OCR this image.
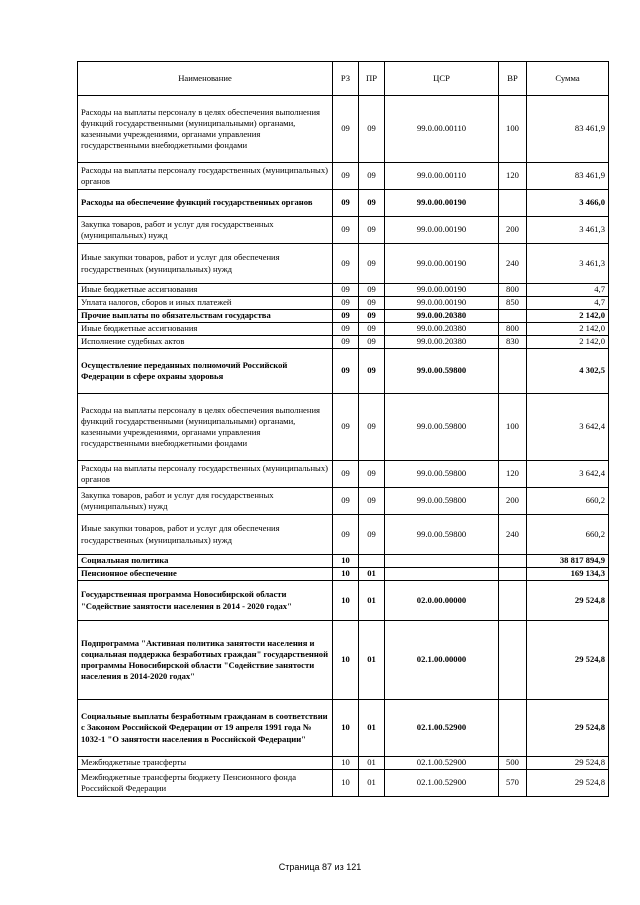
Наименование	РЗ	ПР	ЦСР	ВР	Сумма
Расходы на выплаты персоналу в целях обеспечения выполнения функций государственными (муниципальными) органами, казенными учреждениями, органами управления государственными внебюджетными фондами	09	09	99.0.00.00110	100	83 461,9
Расходы на выплаты персоналу государственных (муниципальных) органов	09	09	99.0.00.00110	120	83 461,9
Расходы на обеспечение функций государственных органов	09	09	99.0.00.00190		3 466,0
Закупка товаров, работ и услуг для государственных (муниципальных) нужд	09	09	99.0.00.00190	200	3 461,3
Иные закупки товаров, работ и услуг для обеспечения государственных (муниципальных) нужд	09	09	99.0.00.00190	240	3 461,3
Иные бюджетные ассигнования	09	09	99.0.00.00190	800	4,7
Уплата налогов, сборов и иных платежей	09	09	99.0.00.00190	850	4,7
Прочие выплаты по обязательствам государства	09	09	99.0.00.20380		2 142,0
Иные бюджетные ассигнования	09	09	99.0.00.20380	800	2 142,0
Исполнение судебных актов	09	09	99.0.00.20380	830	2 142,0
Осуществление переданных полномочий Российской Федерации в сфере охраны здоровья	09	09	99.0.00.59800		4 302,5
Расходы на выплаты персоналу в целях обеспечения выполнения функций государственными (муниципальными) органами, казенными учреждениями, органами управления государственными внебюджетными фондами	09	09	99.0.00.59800	100	3 642,4
Расходы на выплаты персоналу государственных (муниципальных) органов	09	09	99.0.00.59800	120	3 642,4
Закупка товаров, работ и услуг для государственных (муниципальных) нужд	09	09	99.0.00.59800	200	660,2
Иные закупки товаров, работ и услуг для обеспечения государственных (муниципальных) нужд	09	09	99.0.00.59800	240	660,2
Социальная политика	10				38 817 894,9
Пенсионное обеспечение	10	01			169 134,3
Государственная программа Новосибирской области "Содействие занятости населения в 2014 - 2020 годах"	10	01	02.0.00.00000		29 524,8
Подпрограмма "Активная политика занятости населения и социальная поддержка безработных граждан" государственной программы Новосибирской области "Содействие занятости населения в 2014-2020 годах"	10	01	02.1.00.00000		29 524,8
Социальные выплаты безработным гражданам в соответствии с Законом Российской Федерации от 19 апреля 1991 года № 1032-1 "О занятости населения в Российской Федерации"	10	01	02.1.00.52900		29 524,8
Межбюджетные трансферты	10	01	02.1.00.52900	500	29 524,8
Межбюджетные трансферты бюджету Пенсионного фонда Российской Федерации	10	01	02.1.00.52900	570	29 524,8
Страница 87 из 121
